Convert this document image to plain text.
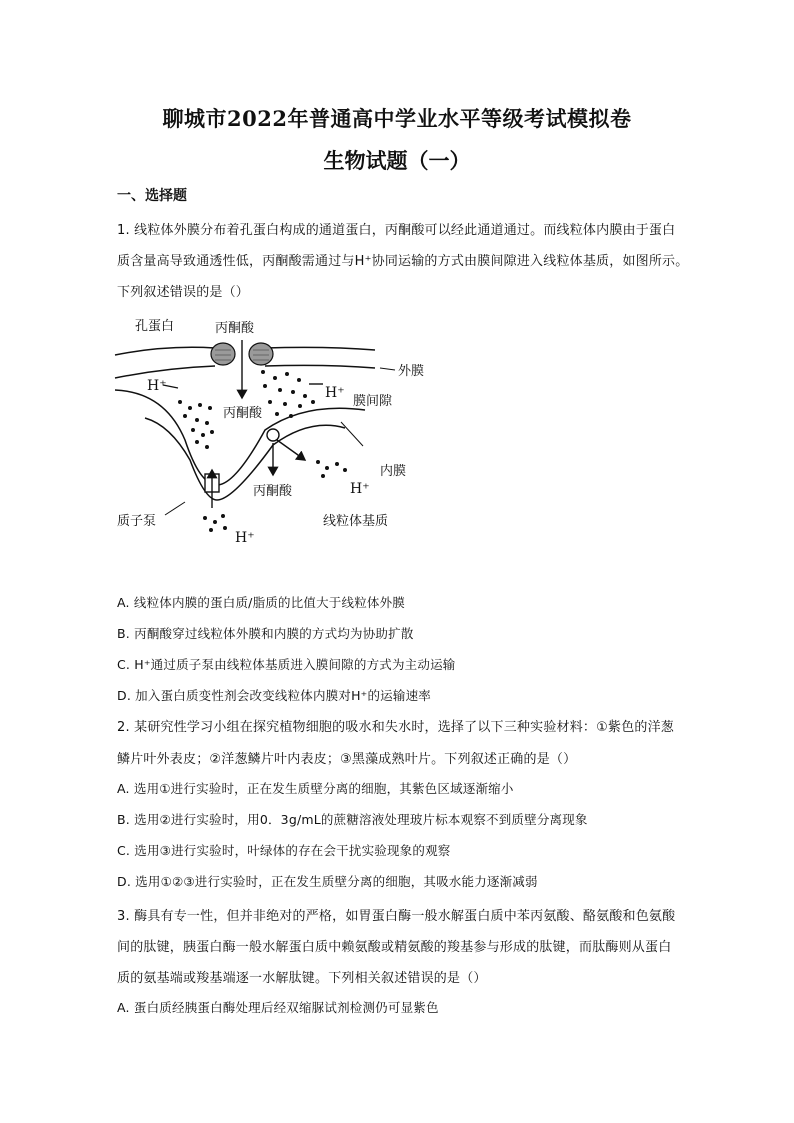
聊城市2022年普通高中学业水平等级考试模拟卷
生物试题（一）
一、选择题
1. 线粒体外膜分布着孔蛋白构成的通道蛋白，丙酮酸可以经此通道通过。而线粒体内膜由于蛋白
质含量高导致通透性低，丙酮酸需通过与H⁺协同运输的方式由膜间隙进入线粒体基质，如图所示。
下列叙述错误的是（）
孔蛋白	丙酮酸
外膜
H⁺	H⁺
膜间隙
丙酮酸
内膜
H⁺
丙酮酸
质子泵	线粒体基质
H⁺
A. 线粒体内膜的蛋白质/脂质的比值大于线粒体外膜
B. 丙酮酸穿过线粒体外膜和内膜的方式均为协助扩散
C. H⁺通过质子泵由线粒体基质进入膜间隙的方式为主动运输
D. 加入蛋白质变性剂会改变线粒体内膜对H⁺的运输速率
2. 某研究性学习小组在探究植物细胞的吸水和失水时，选择了以下三种实验材料：①紫色的洋葱
鳞片叶外表皮；②洋葱鳞片叶内表皮；③黑藻成熟叶片。下列叙述正确的是（）
A. 选用①进行实验时，正在发生质壁分离的细胞，其紫色区域逐渐缩小
B. 选用②进行实验时，用0．3g/mL的蔗糖溶液处理玻片标本观察不到质壁分离现象
C. 选用③进行实验时，叶绿体的存在会干扰实验现象的观察
D. 选用①②③进行实验时，正在发生质壁分离的细胞，其吸水能力逐渐减弱
3. 酶具有专一性，但并非绝对的严格，如胃蛋白酶一般水解蛋白质中苯丙氨酸、酪氨酸和色氨酸
间的肽键，胰蛋白酶一般水解蛋白质中赖氨酸或精氨酸的羧基参与形成的肽键，而肽酶则从蛋白
质的氨基端或羧基端逐一水解肽键。下列相关叙述错误的是（）
A. 蛋白质经胰蛋白酶处理后经双缩脲试剂检测仍可显紫色
